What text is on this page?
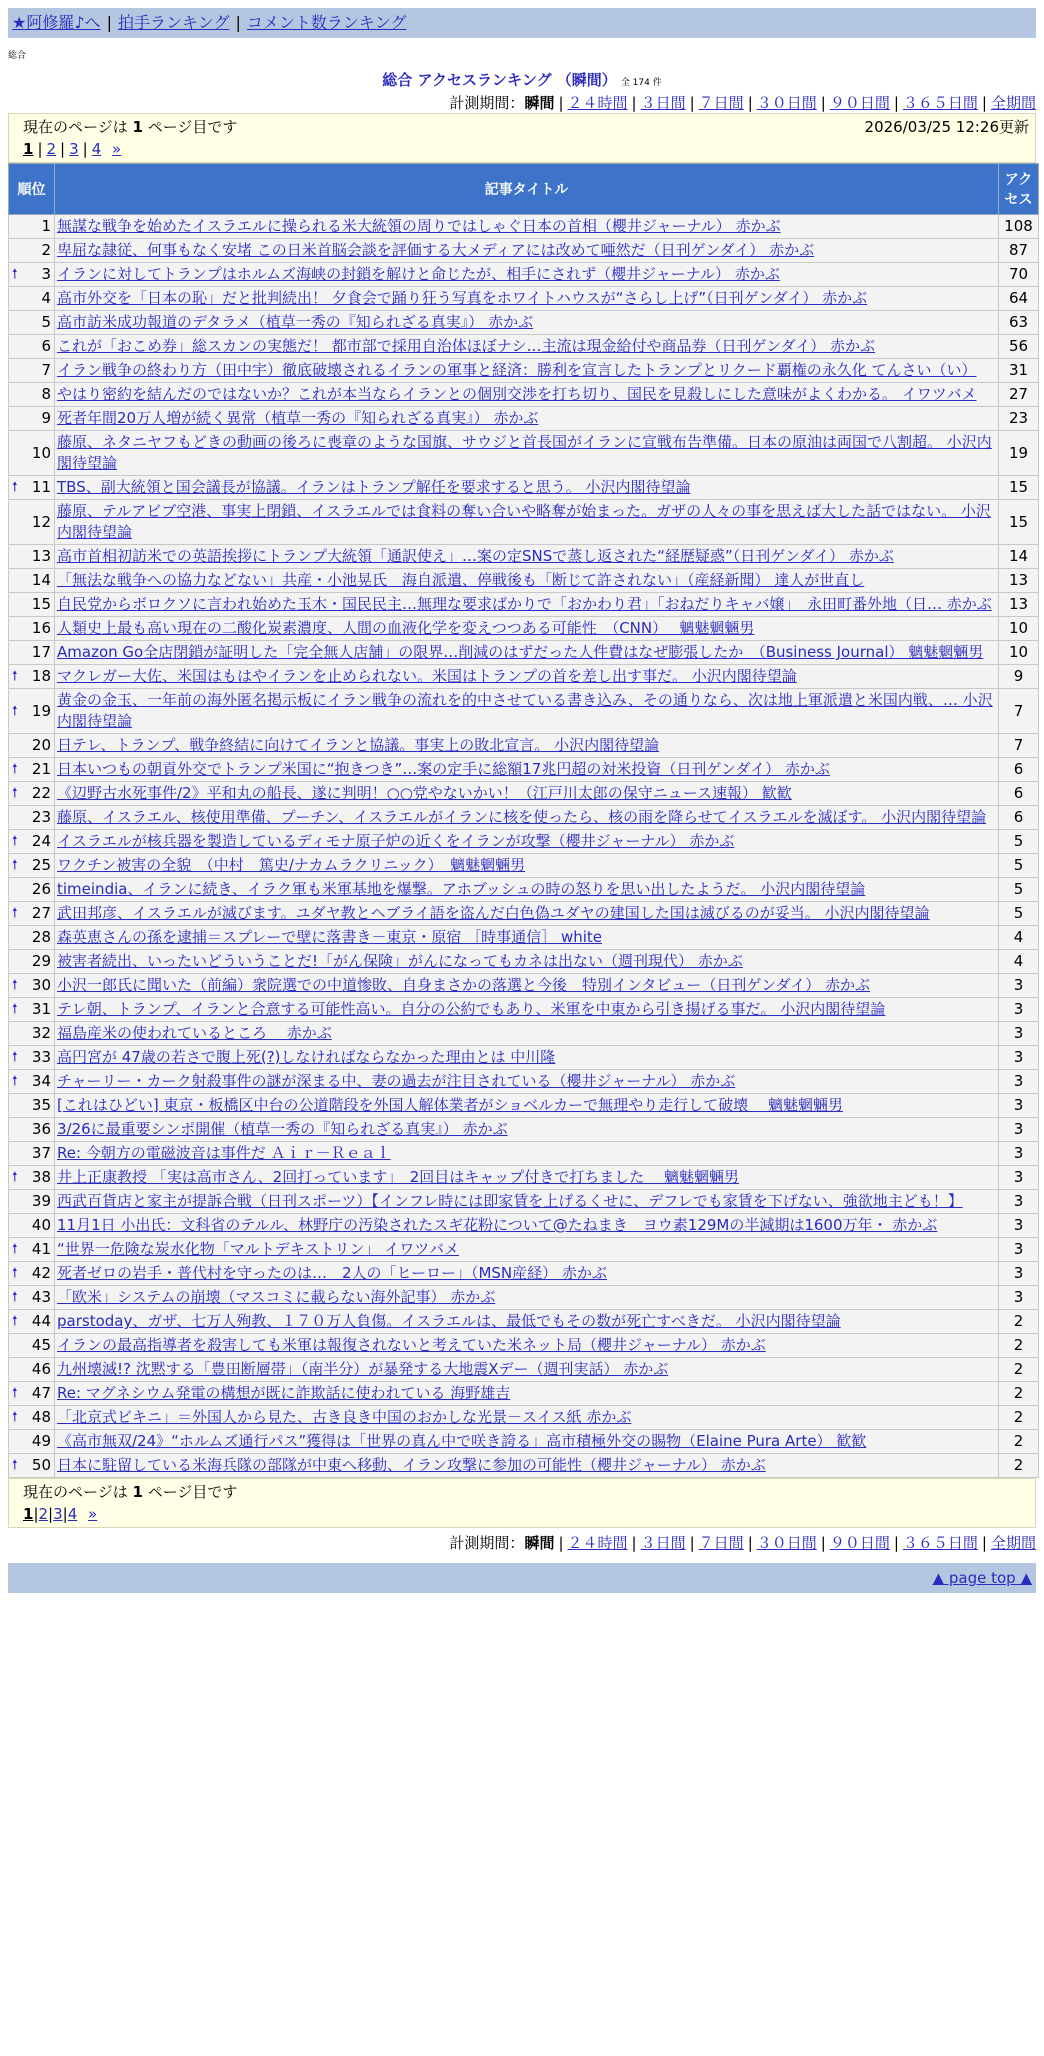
★阿修羅♪へ | 拍手ランキング | コメント数ランキング
総合
総合 アクセスランキング （瞬間） 全 174 件
計測期間：瞬間 | ２４時間 | ３日間 | ７日間 | ３０日間 | ９０日間 | ３６５日間 | 全期間
現在のページは 1 ページ目です	2026/03/25 12:26更新
1 | 2 | 3 | 4 »
順位	記事タイトル	アクセス
1	無謀な戦争を始めたイスラエルに操られる米大統領の周りではしゃぐ日本の首相（櫻井ジャーナル） 赤かぶ	108
2	卑屈な隷従、何事もなく安堵 この日米首脳会談を評価する大メディアには改めて唖然だ（日刊ゲンダイ） 赤かぶ	87

🠕 3	イランに対してトランプはホルムズ海峡の封鎖を解けと命じたが、相手にされず（櫻井ジャーナル） 赤かぶ	70
4	高市外交を「日本の恥」だと批判続出！ 夕食会で踊り狂う写真をホワイトハウスが“さらし上げ”（日刊ゲンダイ） 赤かぶ	64
5	高市訪米成功報道のデタラメ（植草一秀の『知られざる真実』） 赤かぶ	63
6	これが「おこめ券」総スカンの実態だ！ 都市部で採用自治体ほぼナシ…主流は現金給付や商品券（日刊ゲンダイ） 赤かぶ	56
7	イラン戦争の終わり方（田中宇）徹底破壊されるイランの軍事と経済：勝利を宣言したトランプとリクード覇権の永久化 てんさい（い）	31
8	やはり密約を結んだのではないか？これが本当ならイランとの個別交渉を打ち切り、国民を見殺しにした意味がよくわかる。 イワツバメ	27
9	死者年間20万人増が続く異常（植草一秀の『知られざる真実』） 赤かぶ	23
10	藤原、ネタニヤフもどきの動画の後ろに喪章のような国旗、サウジと首長国がイランに宣戦布告準備。日本の原油は両国で八割超。 小沢内閣待望論	19

🠕 11	TBS、副大統領と国会議長が協議。イランはトランプ解任を要求すると思う。 小沢内閣待望論	15
12	藤原、テルアビブ空港、事実上閉鎖、イスラエルでは食料の奪い合いや略奪が始まった。ガザの人々の事を思えば大した話ではない。 小沢内閣待望論	15
13	高市首相初訪米での英語挨拶にトランプ大統領「通訳使え」…案の定SNSで蒸し返された“経歴疑惑”（日刊ゲンダイ） 赤かぶ	14
14	「無法な戦争への協力などない」共産・小池晃氏　海自派遣、停戦後も「断じて許されない」（産経新聞） 達人が世直し	13
15	自民党からボロクソに言われ始めた玉木・国民民主…無理な要求ばかりで「おかわり君」「おねだりキャバ嬢」　永田町番外地（日… 赤かぶ	13
16	人類史上最も高い現在の二酸化炭素濃度、人間の血液化学を変えつつある可能性　（CNN）　 魑魅魍魎男	10
17	Amazon Go全店閉鎖が証明した「完全無人店舗」の限界…削減のはずだった人件費はなぜ膨張したか　（Business Journal） 魑魅魍魎男	10

🠕 18	マクレガー大佐、米国はもはやイランを止められない。米国はトランプの首を差し出す事だ。 小沢内閣待望論	9

🠕 19	黄金の金玉、一年前の海外匿名掲示板にイラン戦争の流れを的中させている書き込み、その通りなら、次は地上軍派遣と米国内戦、… 小沢内閣待望論	7
20	日テレ、トランプ、戦争終結に向けてイランと協議。事実上の敗北宣言。 小沢内閣待望論	7

🠕 21	日本いつもの朝貢外交でトランプ米国に“抱きつき”…案の定手に総額17兆円超の対米投資（日刊ゲンダイ） 赤かぶ	6

🠕 22	《辺野古水死事件/2》平和丸の船長、遂に判明！○○党やないかい！（江戸川太郎の保守ニュース速報） 歓歓	6
23	藤原、イスラエル、核使用準備、プーチン、イスラエルがイランに核を使ったら、核の雨を降らせてイスラエルを滅ぼす。 小沢内閣待望論	6

🠕 24	イスラエルが核兵器を製造しているディモナ原子炉の近くをイランが攻撃（櫻井ジャーナル） 赤かぶ	5

🠕 25	ワクチン被害の全貌　（中村　篤史/ナカムラクリニック）　魑魅魍魎男	5
26	timeindia、イランに続き、イラク軍も米軍基地を爆撃。アホブッシュの時の怒りを思い出したようだ。 小沢内閣待望論	5

🠕 27	武田邦彦、イスラエルが滅びます。ユダヤ教とヘブライ語を盗んだ白色偽ユダヤの建国した国は滅びるのが妥当。 小沢内閣待望論	5
28	森英恵さんの孫を逮捕＝スプレーで壁に落書き－東京・原宿 ［時事通信］ white	4
29	被害者続出、いったいどういうことだ!「がん保険」がんになってもカネは出ない（週刊現代） 赤かぶ	4

🠕 30	小沢一郎氏に聞いた（前編）衆院選での中道惨敗、自身まさかの落選と今後　特別インタビュー（日刊ゲンダイ） 赤かぶ	3

🠕 31	テレ朝、トランプ、イランと合意する可能性高い。自分の公約でもあり、米軍を中東から引き揚げる事だ。 小沢内閣待望論	3
32	福島産米の使われているところ　 赤かぶ	3

🠕 33	高円宮が 47歳の若さで腹上死(?)しなければならなかった理由とは 中川隆	3

🠕 34	チャーリー・カーク射殺事件の謎が深まる中、妻の過去が注目されている（櫻井ジャーナル） 赤かぶ	3
35	[これはひどい] 東京・板橋区中台の公道階段を外国人解体業者がショベルカーで無理やり走行して破壊　 魑魅魍魎男	3
36	3/26に最重要シンポ開催（植草一秀の『知られざる真実』） 赤かぶ	3
37	Re: 今朝方の電磁波音は事件だ Ａｉｒ－Ｒｅａｌ	3

🠕 38	井上正康教授 「実は高市さん、2回打っています」　2回目はキャップ付きで打ちました　 魑魅魍魎男	3
39	西武百貨店と家主が提訴合戦（日刊スポーツ）【インフレ時には即家賃を上げるくせに、デフレでも家賃を下げない、強欲地主ども！】	3
40	11月1日 小出氏：文科省のテルル、林野庁の汚染されたスギ花粉について@たねまき　ヨウ素129Mの半減期は1600万年・ 赤かぶ	3

🠕 41	“世界一危険な炭水化物「マルトデキストリン」 イワツバメ	3

🠕 42	死者ゼロの岩手・普代村を守ったのは…　2人の「ヒーロー」（MSN産経） 赤かぶ	3

🠕 43	「欧米」システムの崩壊（マスコミに載らない海外記事） 赤かぶ	3

🠕 44	parstoday、ガザ、七万人殉教、１７０万人負傷。イスラエルは、最低でもその数が死亡すべきだ。 小沢内閣待望論	2
45	イランの最高指導者を殺害しても米軍は報復されないと考えていた米ネット局（櫻井ジャーナル） 赤かぶ	2
46	九州壊滅!? 沈黙する「豊田断層帯」（南半分）が暴発する大地震Xデー（週刊実話） 赤かぶ	2

🠕 47	Re: マグネシウム発電の構想が既に詐欺話に使われている 海野雄吉	2

🠕 48	「北京式ビキニ」＝外国人から見た、古き良き中国のおかしな光景－スイス紙 赤かぶ	2
49	《高市無双/24》“ホルムズ通行パス”獲得は「世界の真ん中で咲き誇る」高市積極外交の賜物（Elaine Pura Arte） 歓歓	2

🠕 50	日本に駐留している米海兵隊の部隊が中東へ移動、イラン攻撃に参加の可能性（櫻井ジャーナル） 赤かぶ	2
現在のページは 1 ページ目です
1|2|3|4 »
計測期間：瞬間 | ２４時間 | ３日間 | ７日間 | ３０日間 | ９０日間 | ３６５日間 | 全期間
▲ page top ▲
